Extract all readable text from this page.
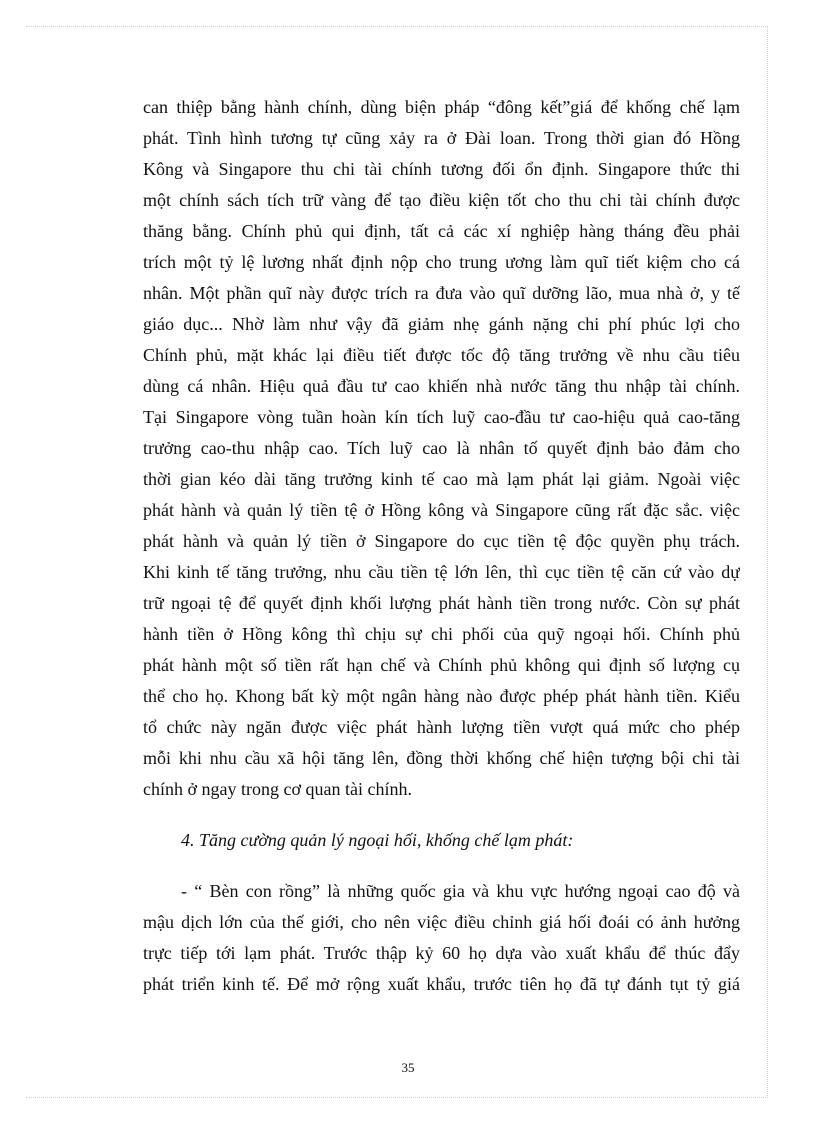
can thiệp bằng hành chính, dùng biện pháp “đông kết”giá để khống chế lạm
phát. Tình hình tương tự cũng xảy ra ở Đài loan. Trong thời gian đó Hồng
Kông và Singapore thu chi tài chính tương đối ổn định. Singapore thức thi
một chính sách tích trữ vàng để tạo điều kiện tốt cho thu chi tài chính được
thăng bằng. Chính phủ qui định, tất cả các xí nghiệp hàng tháng đều phải
trích một tỷ lệ lương nhất định nộp cho trung ương làm quĩ tiết kiệm cho cá
nhân. Một phần quĩ này được trích ra đưa vào quĩ dưỡng lão, mua nhà ở, y tế
giáo dục... Nhờ làm như vậy đã giảm nhẹ gánh nặng chi phí phúc lợi cho
Chính phủ, mặt khác lại điều tiết được tốc độ tăng trưởng về nhu cầu tiêu
dùng cá nhân. Hiệu quả đầu tư cao khiến nhà nước tăng thu nhập tài chính.
Tại Singapore vòng tuần hoàn kín tích luỹ cao-đầu tư cao-hiệu quả cao-tăng
trưởng cao-thu nhập cao. Tích luỹ cao là nhân tố quyết định bảo đảm cho
thời gian kéo dài tăng trưởng kinh tế cao mà lạm phát lại giảm. Ngoài việc
phát hành và quản lý tiền tệ ở Hồng kông và Singapore cũng rất đặc sắc. việc
phát hành và quản lý tiền ở Singapore do cục tiền tệ độc quyền phụ trách.
Khi kinh tế tăng trưởng, nhu cầu tiền tệ lớn lên, thì cục tiền tệ căn cứ vào dự
trữ ngoại tệ để quyết định khối lượng phát hành tiền trong nước. Còn sự phát
hành tiền ở Hồng kông thì chịu sự chi phối của quỹ ngoại hối. Chính phủ
phát hành một số tiền rất hạn chế và Chính phủ không qui định số lượng cụ
thể cho họ. Khong bất kỳ một ngân hàng nào được phép phát hành tiền. Kiểu
tổ chức này ngăn được việc phát hành lượng tiền vượt quá mức cho phép
mỗi khi nhu cầu xã hội tăng lên, đồng thời khống chế hiện tượng bội chi tài
chính ở ngay trong cơ quan tài chính.
4. Tăng cường quản lý ngoại hối, khống chế lạm phát:
- “ Bèn con rồng” là những quốc gia và khu vực hướng ngoại cao độ và
mậu dịch lớn của thế giới, cho nên việc điều chỉnh giá hối đoái có ảnh hưởng
trực tiếp tới lạm phát. Trước thập kỷ 60 họ dựa vào xuất khẩu để thúc đẩy
phát triển kinh tế. Để mở rộng xuất khẩu, trước tiên họ đã tự đánh tụt tỷ giá
35
